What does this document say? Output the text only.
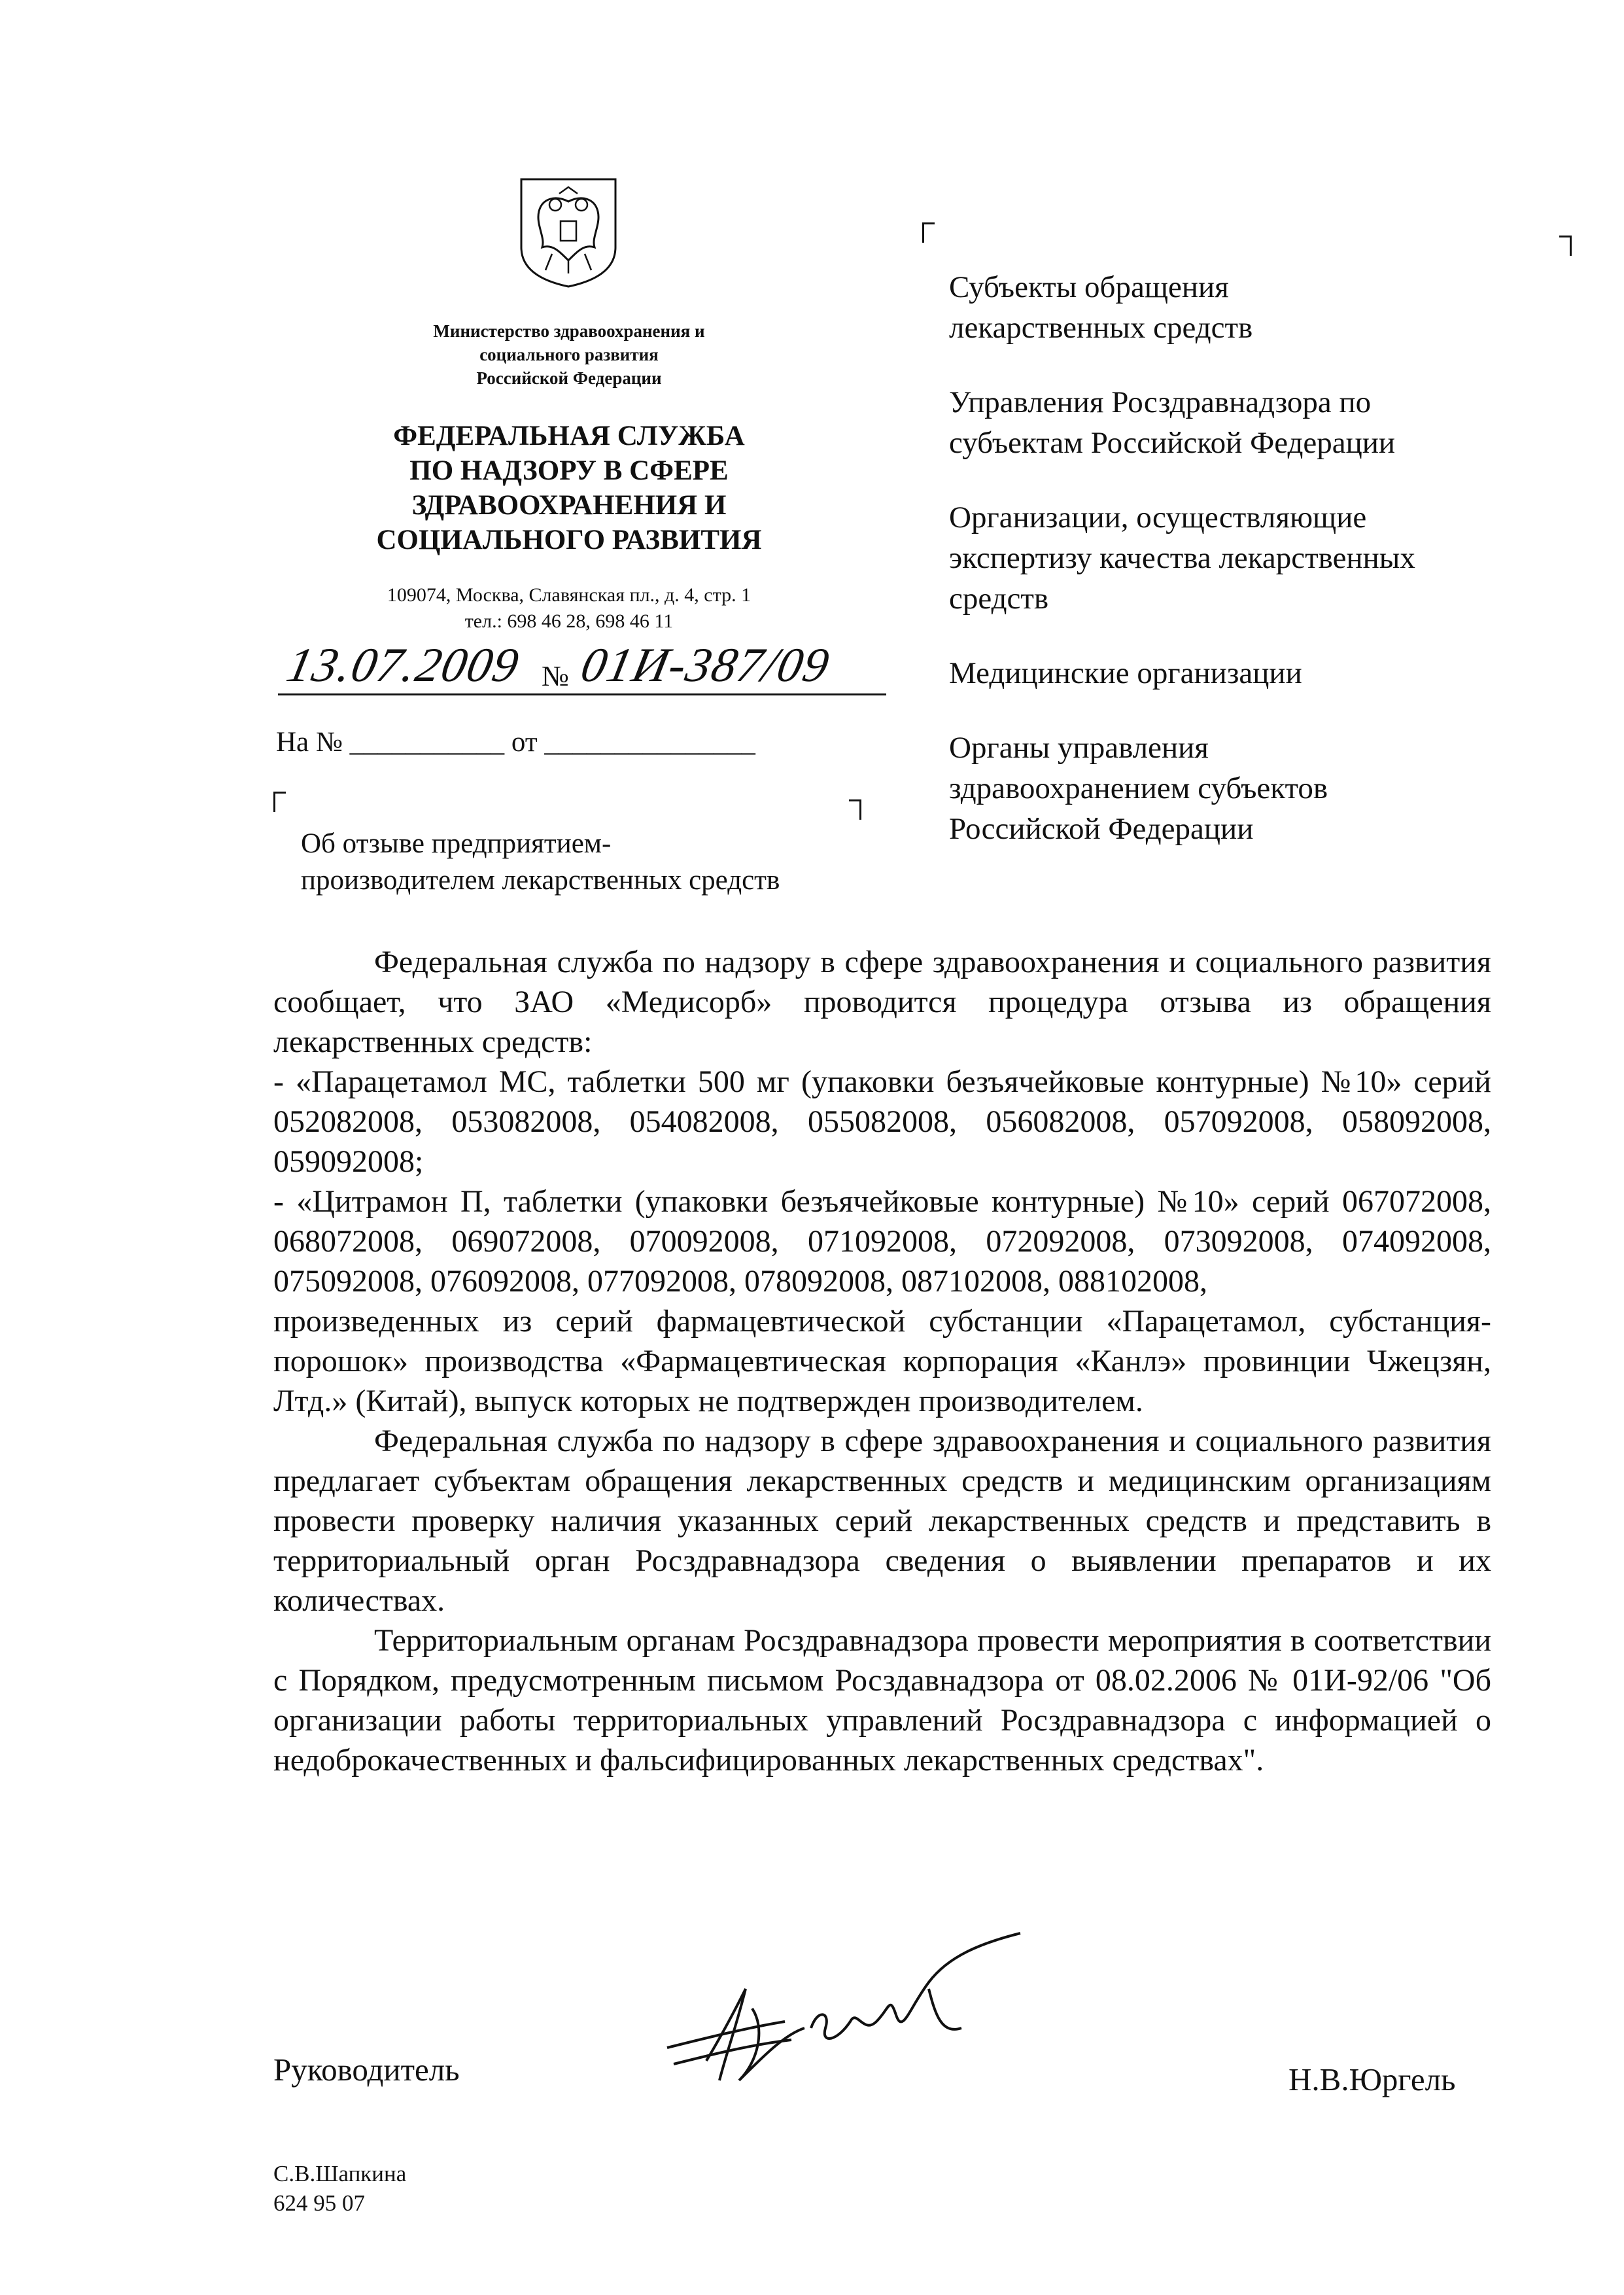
Министерство здравоохранения и
социального развития
Российской Федерации
ФЕДЕРАЛЬНАЯ СЛУЖБА
ПО НАДЗОРУ В СФЕРЕ
ЗДРАВООХРАНЕНИЯ И
СОЦИАЛЬНОГО РАЗВИТИЯ
109074, Москва, Славянская пл., д. 4, стр. 1
тел.: 698 46 28, 698 46 11
13.07.2009 № 01И-387/09
На № ___________ от _______________
Об отзыве предприятием-
производителем лекарственных средств
Субъекты обращения
лекарственных средств
Управления Росздравнадзора по
субъектам Российской Федерации
Организации, осуществляющие
экспертизу качества лекарственных
средств
Медицинские организации
Органы управления
здравоохранением субъектов
Российской Федерации

Федеральная служба по надзору в сфере здравоохранения и социального развития сообщает, что ЗАО «Медисорб» проводится процедура отзыва из обращения лекарственных средств:

- «Парацетамол МС, таблетки 500 мг (упаковки безъячейковые контурные) №10» серий 052082008, 053082008, 054082008, 055082008, 056082008, 057092008, 058092008, 059092008;

- «Цитрамон П, таблетки (упаковки безъячейковые контурные) №10» серий 067072008, 068072008, 069072008, 070092008, 071092008, 072092008, 073092008, 074092008, 075092008, 076092008, 077092008, 078092008, 087102008, 088102008,

произведенных из серий фармацевтической субстанции «Парацетамол, субстанция-порошок» производства «Фармацевтическая корпорация «Канлэ» провинции Чжецзян, Лтд.» (Китай), выпуск которых не подтвержден производителем.

Федеральная служба по надзору в сфере здравоохранения и социального развития предлагает субъектам обращения лекарственных средств и медицинским организациям провести проверку наличия указанных серий лекарственных средств и представить в территориальный орган Росздравнадзора сведения о выявлении препаратов и их количествах.

Территориальным органам Росздравнадзора провести мероприятия в соответствии с Порядком, предусмотренным письмом Росздавнадзора от 08.02.2006 № 01И-92/06 "Об организации работы территориальных управлений Росздравнадзора с информацией о недоброкачественных и фальсифицированных лекарственных средствах".

Руководитель	Н.В.Юргель
С.В.Шапкина
624 95 07
